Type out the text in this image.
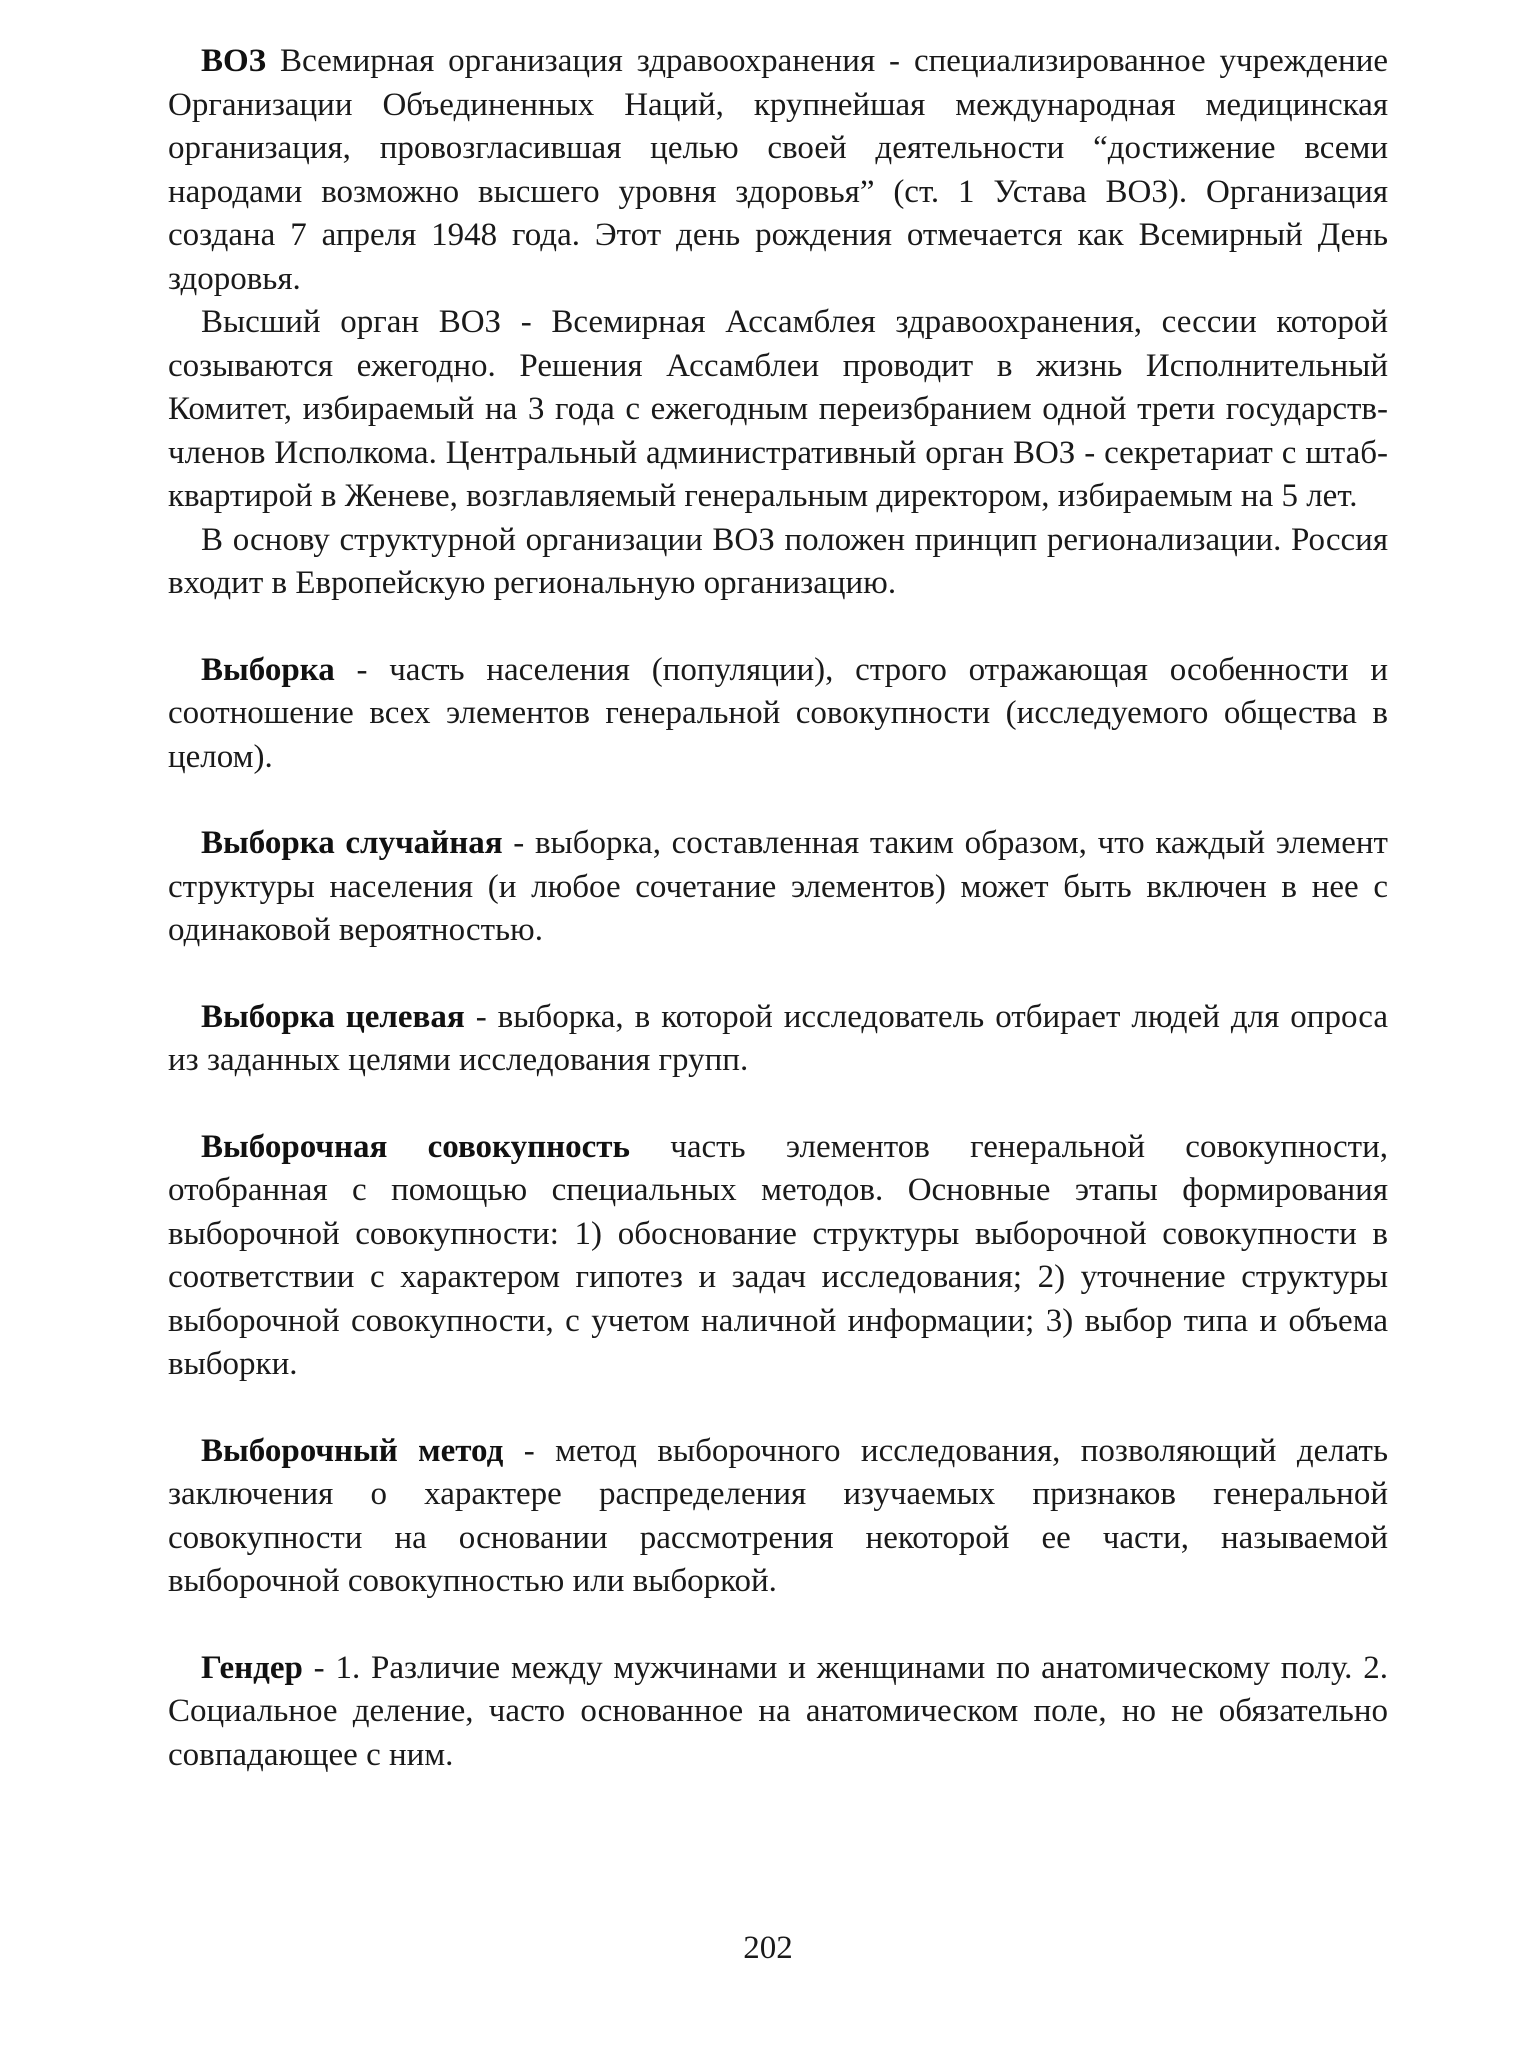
ВОЗ Всемирная организация здравоохранения - специализированное учреждение Организации Объединенных Наций, крупнейшая международная медицинская организация, провозгласившая целью своей деятельности “достижение всеми народами возможно высшего уровня здоровья” (ст. 1 Устава ВОЗ). Организация создана 7 апреля 1948 года. Этот день рождения отмечается как Всемирный День здоровья.

Высший орган ВОЗ - Всемирная Ассамблея здравоохранения, сессии которой созываются ежегодно. Решения Ассамблеи проводит в жизнь Исполнительный Комитет, избираемый на 3 года с ежегодным переизбранием одной трети государств-членов Исполкома. Центральный административный орган ВОЗ - секретариат с штаб-квартирой в Женеве, возглавляемый генеральным директором, избираемым на 5 лет.

В основу структурной организации ВОЗ положен принцип регионализации. Россия входит в Европейскую региональную организацию.

Выборка - часть населения (популяции), строго отражающая особенности и соотношение всех элементов генеральной совокупности (исследуемого общества в целом).

Выборка случайная - выборка, составленная таким образом, что каждый элемент структуры населения (и любое сочетание элементов) может быть включен в нее с одинаковой вероятностью.

Выборка целевая - выборка, в которой исследователь отбирает людей для опроса из заданных целями исследования групп.

Выборочная совокупность часть элементов генеральной совокупности, отобранная с помощью специальных методов. Основные этапы формирования выборочной совокупности: 1) обоснование структуры выборочной совокупности в соответствии с характером гипотез и задач исследования; 2) уточнение структуры выборочной совокупности, с учетом наличной информации; 3) выбор типа и объема выборки.

Выборочный метод - метод выборочного исследования, позволяющий делать заключения о характере распределения изучаемых признаков генеральной совокупности на основании рассмотрения некоторой ее части, называемой выборочной совокупностью или выборкой.

Гендер - 1. Различие между мужчинами и женщинами по анатомическому полу. 2. Социальное деление, часто основанное на анатомическом поле, но не обязательно совпадающее с ним.

202
